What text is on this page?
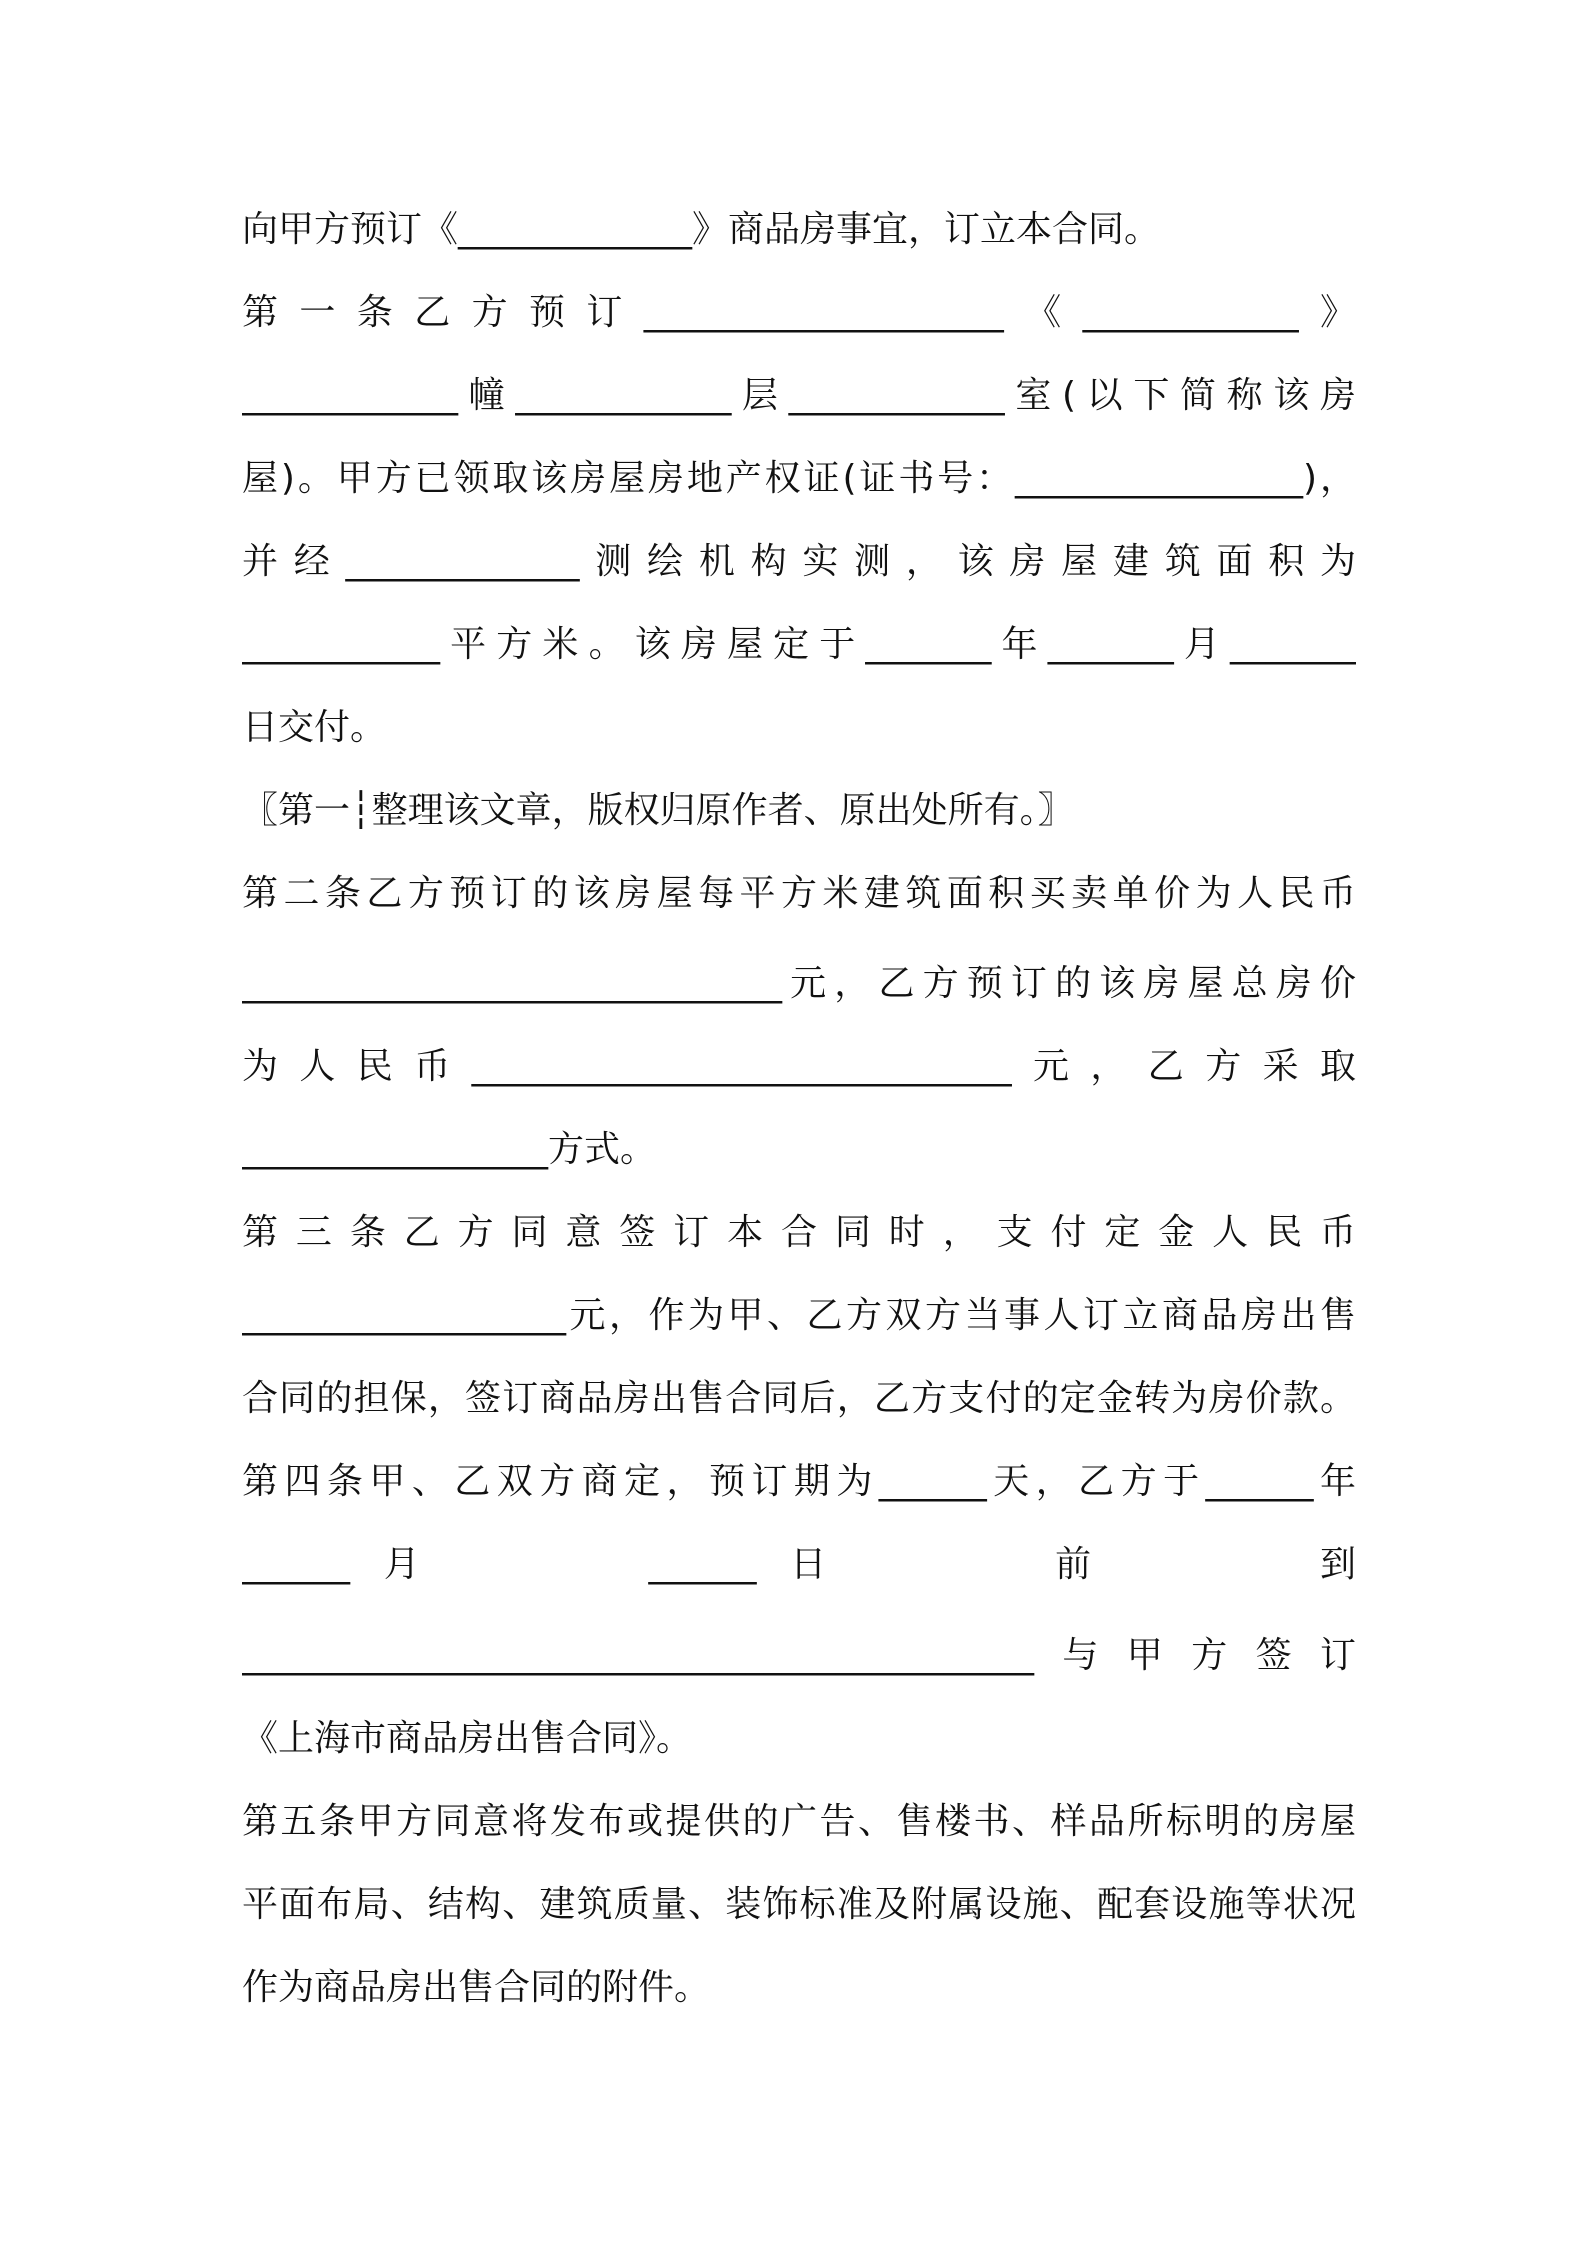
向甲方预订《_____________》商品房事宜，订立本合同。
第一条乙方预订____________________《____________》
____________幢____________层____________室(以下简称该房
屋)。甲方已领取该房屋房地产权证(证书号：________________)，
并经_____________测绘机构实测，该房屋建筑面积为
___________平方米。该房屋定于_______年_______月_______
日交付。
〖第一┆整理该文章，版权归原作者、原出处所有。〗
第二条乙方预订的该房屋每平方米建筑面积买卖单价为人民币
______________________________元，乙方预订的该房屋总房价
为人民币______________________________元，乙方采取
_________________方式。
第三条乙方同意签订本合同时，支付定金人民币
__________________元，作为甲、乙方双方当事人订立商品房出售
合同的担保，签订商品房出售合同后，乙方支付的定金转为房价款。
第四条甲、乙双方商定，预订期为______天，乙方于______年
______月	______日	前	到
____________________________________________与甲方签订
《上海市商品房出售合同》。
第五条甲方同意将发布或提供的广告、售楼书、样品所标明的房屋
平面布局、结构、建筑质量、装饰标准及附属设施、配套设施等状况
作为商品房出售合同的附件。
